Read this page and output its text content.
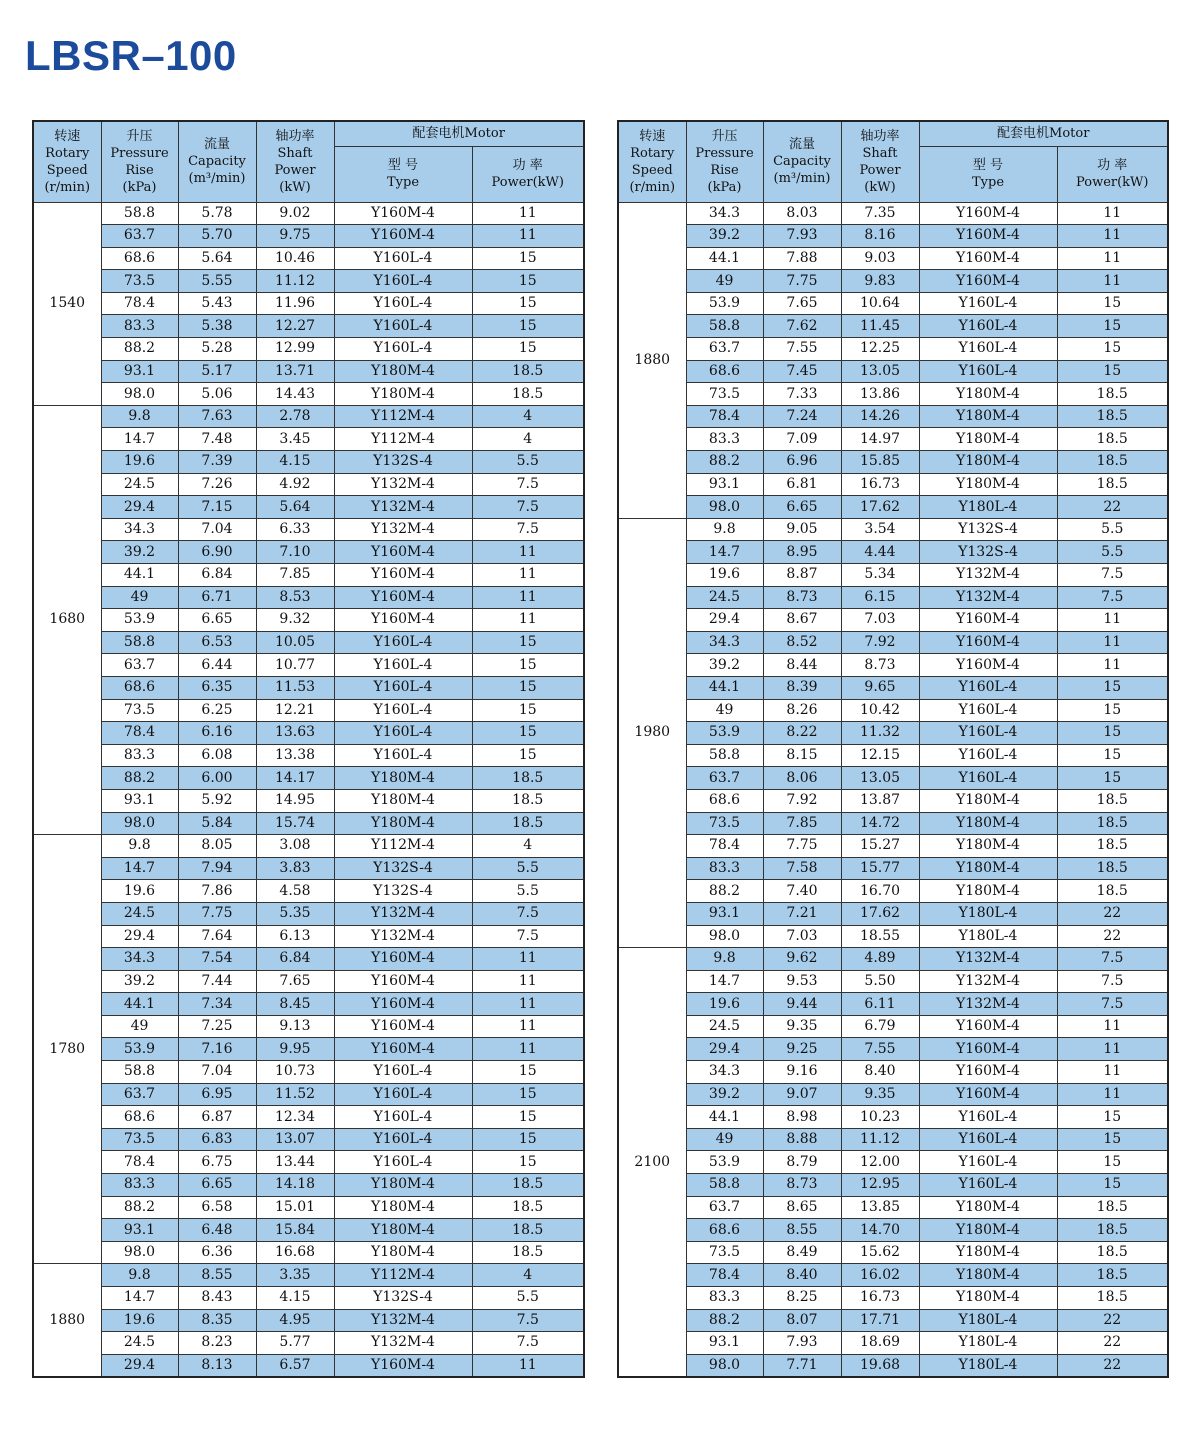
LBSR–100
转速
Rotary
Speed
(r/min)	升压
Pressure
Rise
(kPa)	流量
Capacity
(m³/min)	轴功率
Shaft
Power
(kW)	配套电机Motor	
				型 号
Type	功 率
Power(kW)
1540	58.8	5.78	9.02	Y160M-4	11
	63.7	5.70	9.75	Y160M-4	11
	68.6	5.64	10.46	Y160L-4	15
	73.5	5.55	11.12	Y160L-4	15
	78.4	5.43	11.96	Y160L-4	15
	83.3	5.38	12.27	Y160L-4	15
	88.2	5.28	12.99	Y160L-4	15
	93.1	5.17	13.71	Y180M-4	18.5
	98.0	5.06	14.43	Y180M-4	18.5
1680	9.8	7.63	2.78	Y112M-4	4
	14.7	7.48	3.45	Y112M-4	4
	19.6	7.39	4.15	Y132S-4	5.5
	24.5	7.26	4.92	Y132M-4	7.5
	29.4	7.15	5.64	Y132M-4	7.5
	34.3	7.04	6.33	Y132M-4	7.5
	39.2	6.90	7.10	Y160M-4	11
	44.1	6.84	7.85	Y160M-4	11
	49	6.71	8.53	Y160M-4	11
	53.9	6.65	9.32	Y160M-4	11
	58.8	6.53	10.05	Y160L-4	15
	63.7	6.44	10.77	Y160L-4	15
	68.6	6.35	11.53	Y160L-4	15
	73.5	6.25	12.21	Y160L-4	15
	78.4	6.16	13.63	Y160L-4	15
	83.3	6.08	13.38	Y160L-4	15
	88.2	6.00	14.17	Y180M-4	18.5
	93.1	5.92	14.95	Y180M-4	18.5
	98.0	5.84	15.74	Y180M-4	18.5
1780	9.8	8.05	3.08	Y112M-4	4
	14.7	7.94	3.83	Y132S-4	5.5
	19.6	7.86	4.58	Y132S-4	5.5
	24.5	7.75	5.35	Y132M-4	7.5
	29.4	7.64	6.13	Y132M-4	7.5
	34.3	7.54	6.84	Y160M-4	11
	39.2	7.44	7.65	Y160M-4	11
	44.1	7.34	8.45	Y160M-4	11
	49	7.25	9.13	Y160M-4	11
	53.9	7.16	9.95	Y160M-4	11
	58.8	7.04	10.73	Y160L-4	15
	63.7	6.95	11.52	Y160L-4	15
	68.6	6.87	12.34	Y160L-4	15
	73.5	6.83	13.07	Y160L-4	15
	78.4	6.75	13.44	Y160L-4	15
	83.3	6.65	14.18	Y180M-4	18.5
	88.2	6.58	15.01	Y180M-4	18.5
	93.1	6.48	15.84	Y180M-4	18.5
	98.0	6.36	16.68	Y180M-4	18.5
1880	9.8	8.55	3.35	Y112M-4	4
	14.7	8.43	4.15	Y132S-4	5.5
	19.6	8.35	4.95	Y132M-4	7.5
	24.5	8.23	5.77	Y132M-4	7.5
	29.4	8.13	6.57	Y160M-4	11
转速
Rotary
Speed
(r/min)	升压
Pressure
Rise
(kPa)	流量
Capacity
(m³/min)	轴功率
Shaft
Power
(kW)	配套电机Motor	
				型 号
Type	功 率
Power(kW)
1880	34.3	8.03	7.35	Y160M-4	11
	39.2	7.93	8.16	Y160M-4	11
	44.1	7.88	9.03	Y160M-4	11
	49	7.75	9.83	Y160M-4	11
	53.9	7.65	10.64	Y160L-4	15
	58.8	7.62	11.45	Y160L-4	15
	63.7	7.55	12.25	Y160L-4	15
	68.6	7.45	13.05	Y160L-4	15
	73.5	7.33	13.86	Y180M-4	18.5
	78.4	7.24	14.26	Y180M-4	18.5
	83.3	7.09	14.97	Y180M-4	18.5
	88.2	6.96	15.85	Y180M-4	18.5
	93.1	6.81	16.73	Y180M-4	18.5
	98.0	6.65	17.62	Y180L-4	22
1980	9.8	9.05	3.54	Y132S-4	5.5
	14.7	8.95	4.44	Y132S-4	5.5
	19.6	8.87	5.34	Y132M-4	7.5
	24.5	8.73	6.15	Y132M-4	7.5
	29.4	8.67	7.03	Y160M-4	11
	34.3	8.52	7.92	Y160M-4	11
	39.2	8.44	8.73	Y160M-4	11
	44.1	8.39	9.65	Y160L-4	15
	49	8.26	10.42	Y160L-4	15
	53.9	8.22	11.32	Y160L-4	15
	58.8	8.15	12.15	Y160L-4	15
	63.7	8.06	13.05	Y160L-4	15
	68.6	7.92	13.87	Y180M-4	18.5
	73.5	7.85	14.72	Y180M-4	18.5
	78.4	7.75	15.27	Y180M-4	18.5
	83.3	7.58	15.77	Y180M-4	18.5
	88.2	7.40	16.70	Y180M-4	18.5
	93.1	7.21	17.62	Y180L-4	22
	98.0	7.03	18.55	Y180L-4	22
2100	9.8	9.62	4.89	Y132M-4	7.5
	14.7	9.53	5.50	Y132M-4	7.5
	19.6	9.44	6.11	Y132M-4	7.5
	24.5	9.35	6.79	Y160M-4	11
	29.4	9.25	7.55	Y160M-4	11
	34.3	9.16	8.40	Y160M-4	11
	39.2	9.07	9.35	Y160M-4	11
	44.1	8.98	10.23	Y160L-4	15
	49	8.88	11.12	Y160L-4	15
	53.9	8.79	12.00	Y160L-4	15
	58.8	8.73	12.95	Y160L-4	15
	63.7	8.65	13.85	Y180M-4	18.5
	68.6	8.55	14.70	Y180M-4	18.5
	73.5	8.49	15.62	Y180M-4	18.5
	78.4	8.40	16.02	Y180M-4	18.5
	83.3	8.25	16.73	Y180M-4	18.5
	88.2	8.07	17.71	Y180L-4	22
	93.1	7.93	18.69	Y180L-4	22
	98.0	7.71	19.68	Y180L-4	22
